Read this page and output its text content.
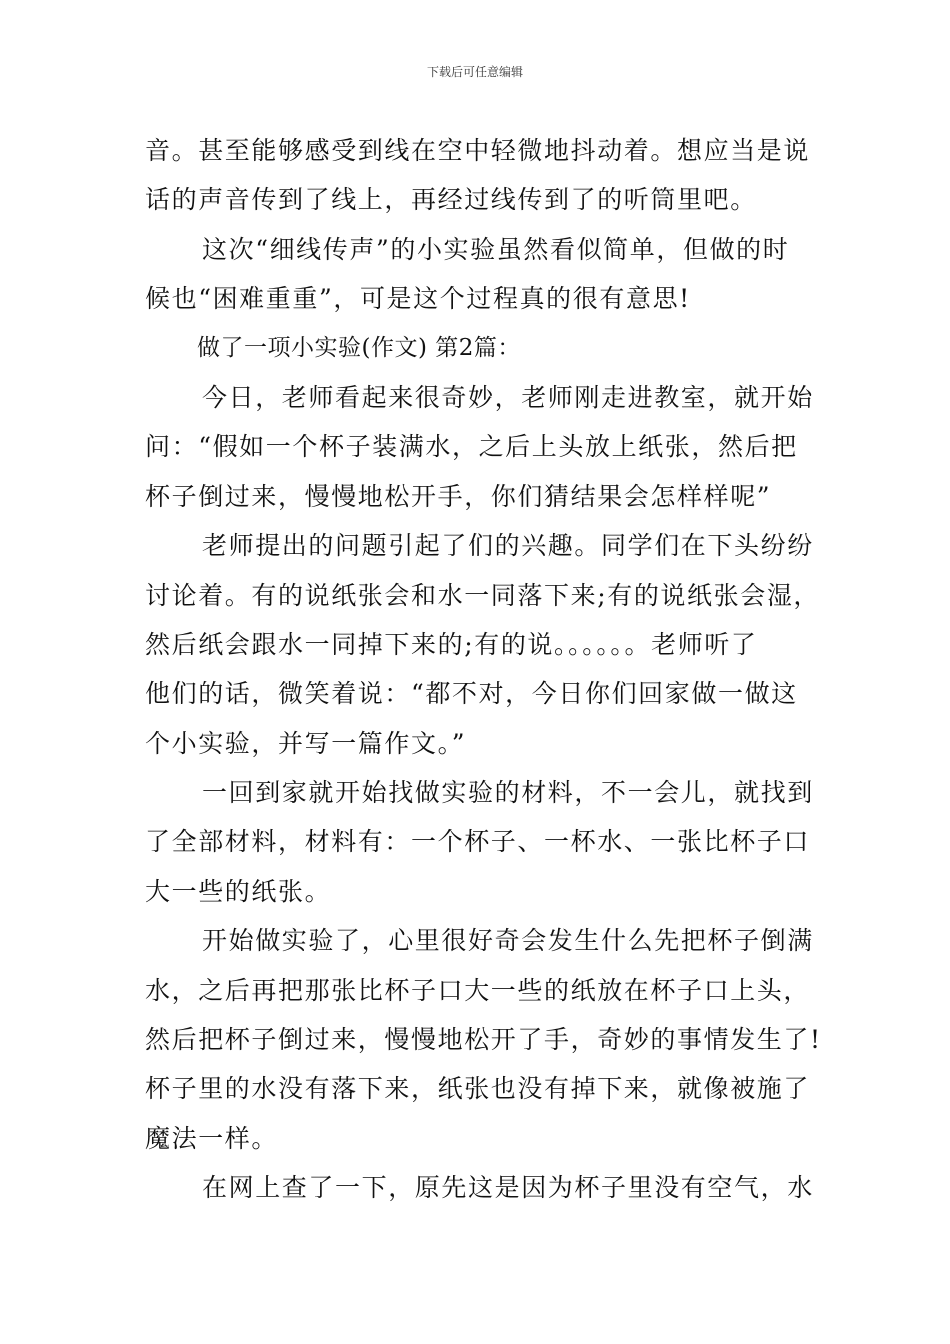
下载后可任意编辑
音。甚至能够感受到线在空中轻微地抖动着。想应当是说
话的声音传到了线上，再经过线传到了的听筒里吧。
这次“细线传声”的小实验虽然看似简单，但做的时
候也“困难重重”，可是这个过程真的很有意思!
做了一项小实验(作文) 第2篇：
今日，老师看起来很奇妙，老师刚走进教室，就开始
问：“假如一个杯子装满水，之后上头放上纸张，然后把
杯子倒过来，慢慢地松开手，你们猜结果会怎样样呢”
老师提出的问题引起了们的兴趣。同学们在下头纷纷
讨论着。有的说纸张会和水一同落下来;有的说纸张会湿，
然后纸会跟水一同掉下来的;有的说。。。。。。老师听了
他们的话，微笑着说：“都不对，今日你们回家做一做这
个小实验，并写一篇作文。”
一回到家就开始找做实验的材料，不一会儿，就找到
了全部材料，材料有：一个杯子、一杯水、一张比杯子口
大一些的纸张。
开始做实验了，心里很好奇会发生什么先把杯子倒满
水，之后再把那张比杯子口大一些的纸放在杯子口上头，
然后把杯子倒过来，慢慢地松开了手，奇妙的事情发生了!
杯子里的水没有落下来，纸张也没有掉下来，就像被施了
魔法一样。
在网上查了一下，原先这是因为杯子里没有空气，水
